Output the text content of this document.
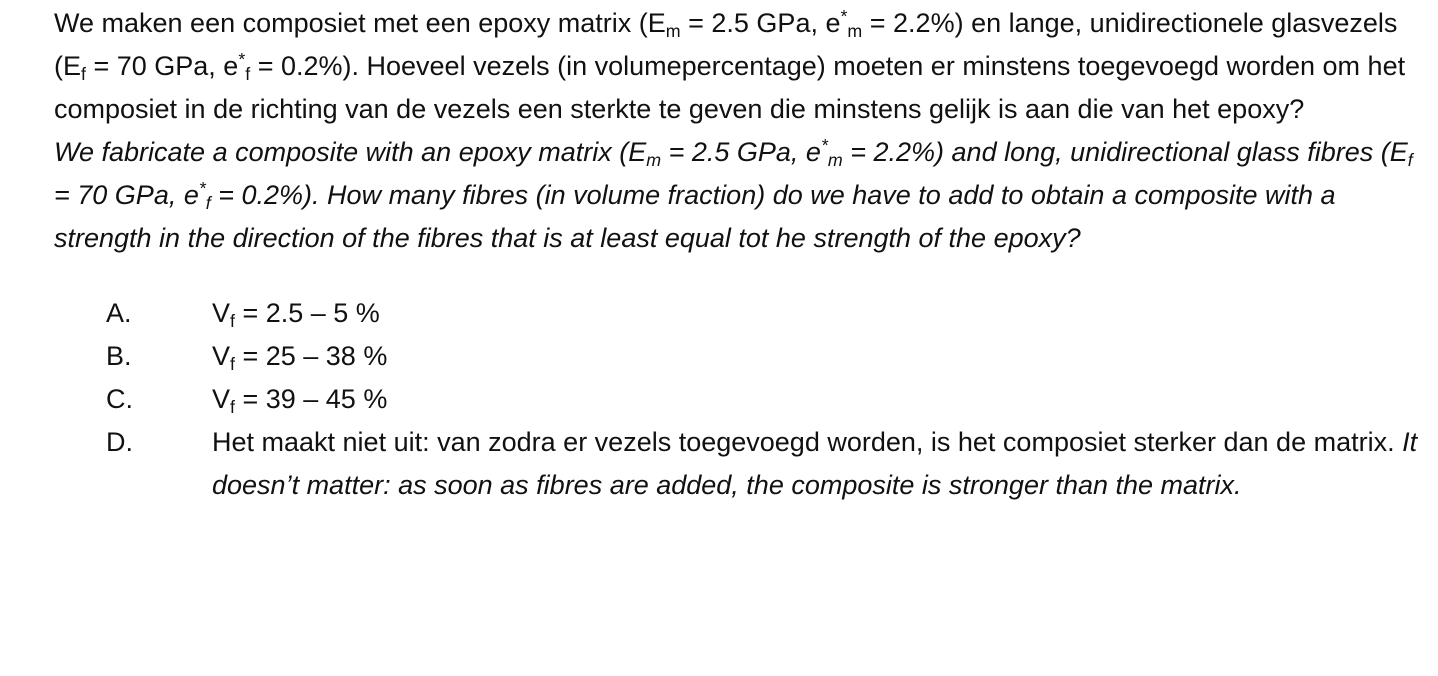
We maken een composiet met een epoxy matrix ($E_m = 2.5$ GPa, $e^*_m = 2.2\%$) en lange, unidirectionele glasvezels ($E_f = 70$ GPa, $e^*_f = 0.2\%$). Hoeveel vezels (in volumepercentage) moeten er minstens toegevoegd worden om het composiet in de richting van de vezels een sterkte te geven die minstens gelijk is aan die van het epoxy?

We fabricate a composite with an epoxy matrix ($E_m = 2.5$ GPa, $e^*_m = 2.2\%$) and long, unidirectional glass fibres ($E_f = 70$ GPa, $e^*_f = 0.2\%$). How many fibres (in volume fraction) do we have to add to obtain a composite with a strength in the direction of the fibres that is at least equal tot he strength of the epoxy?

A.	$V_f = 2.5 - 5$ %
B.	$V_f = 25 - 38$ %
C.	$V_f = 39 - 45$ %
D.	Het maakt niet uit: van zodra er vezels toegevoegd worden, is het composiet sterker dan de matrix. It doesn’t matter: as soon as fibres are added, the composite is stronger than the matrix.
